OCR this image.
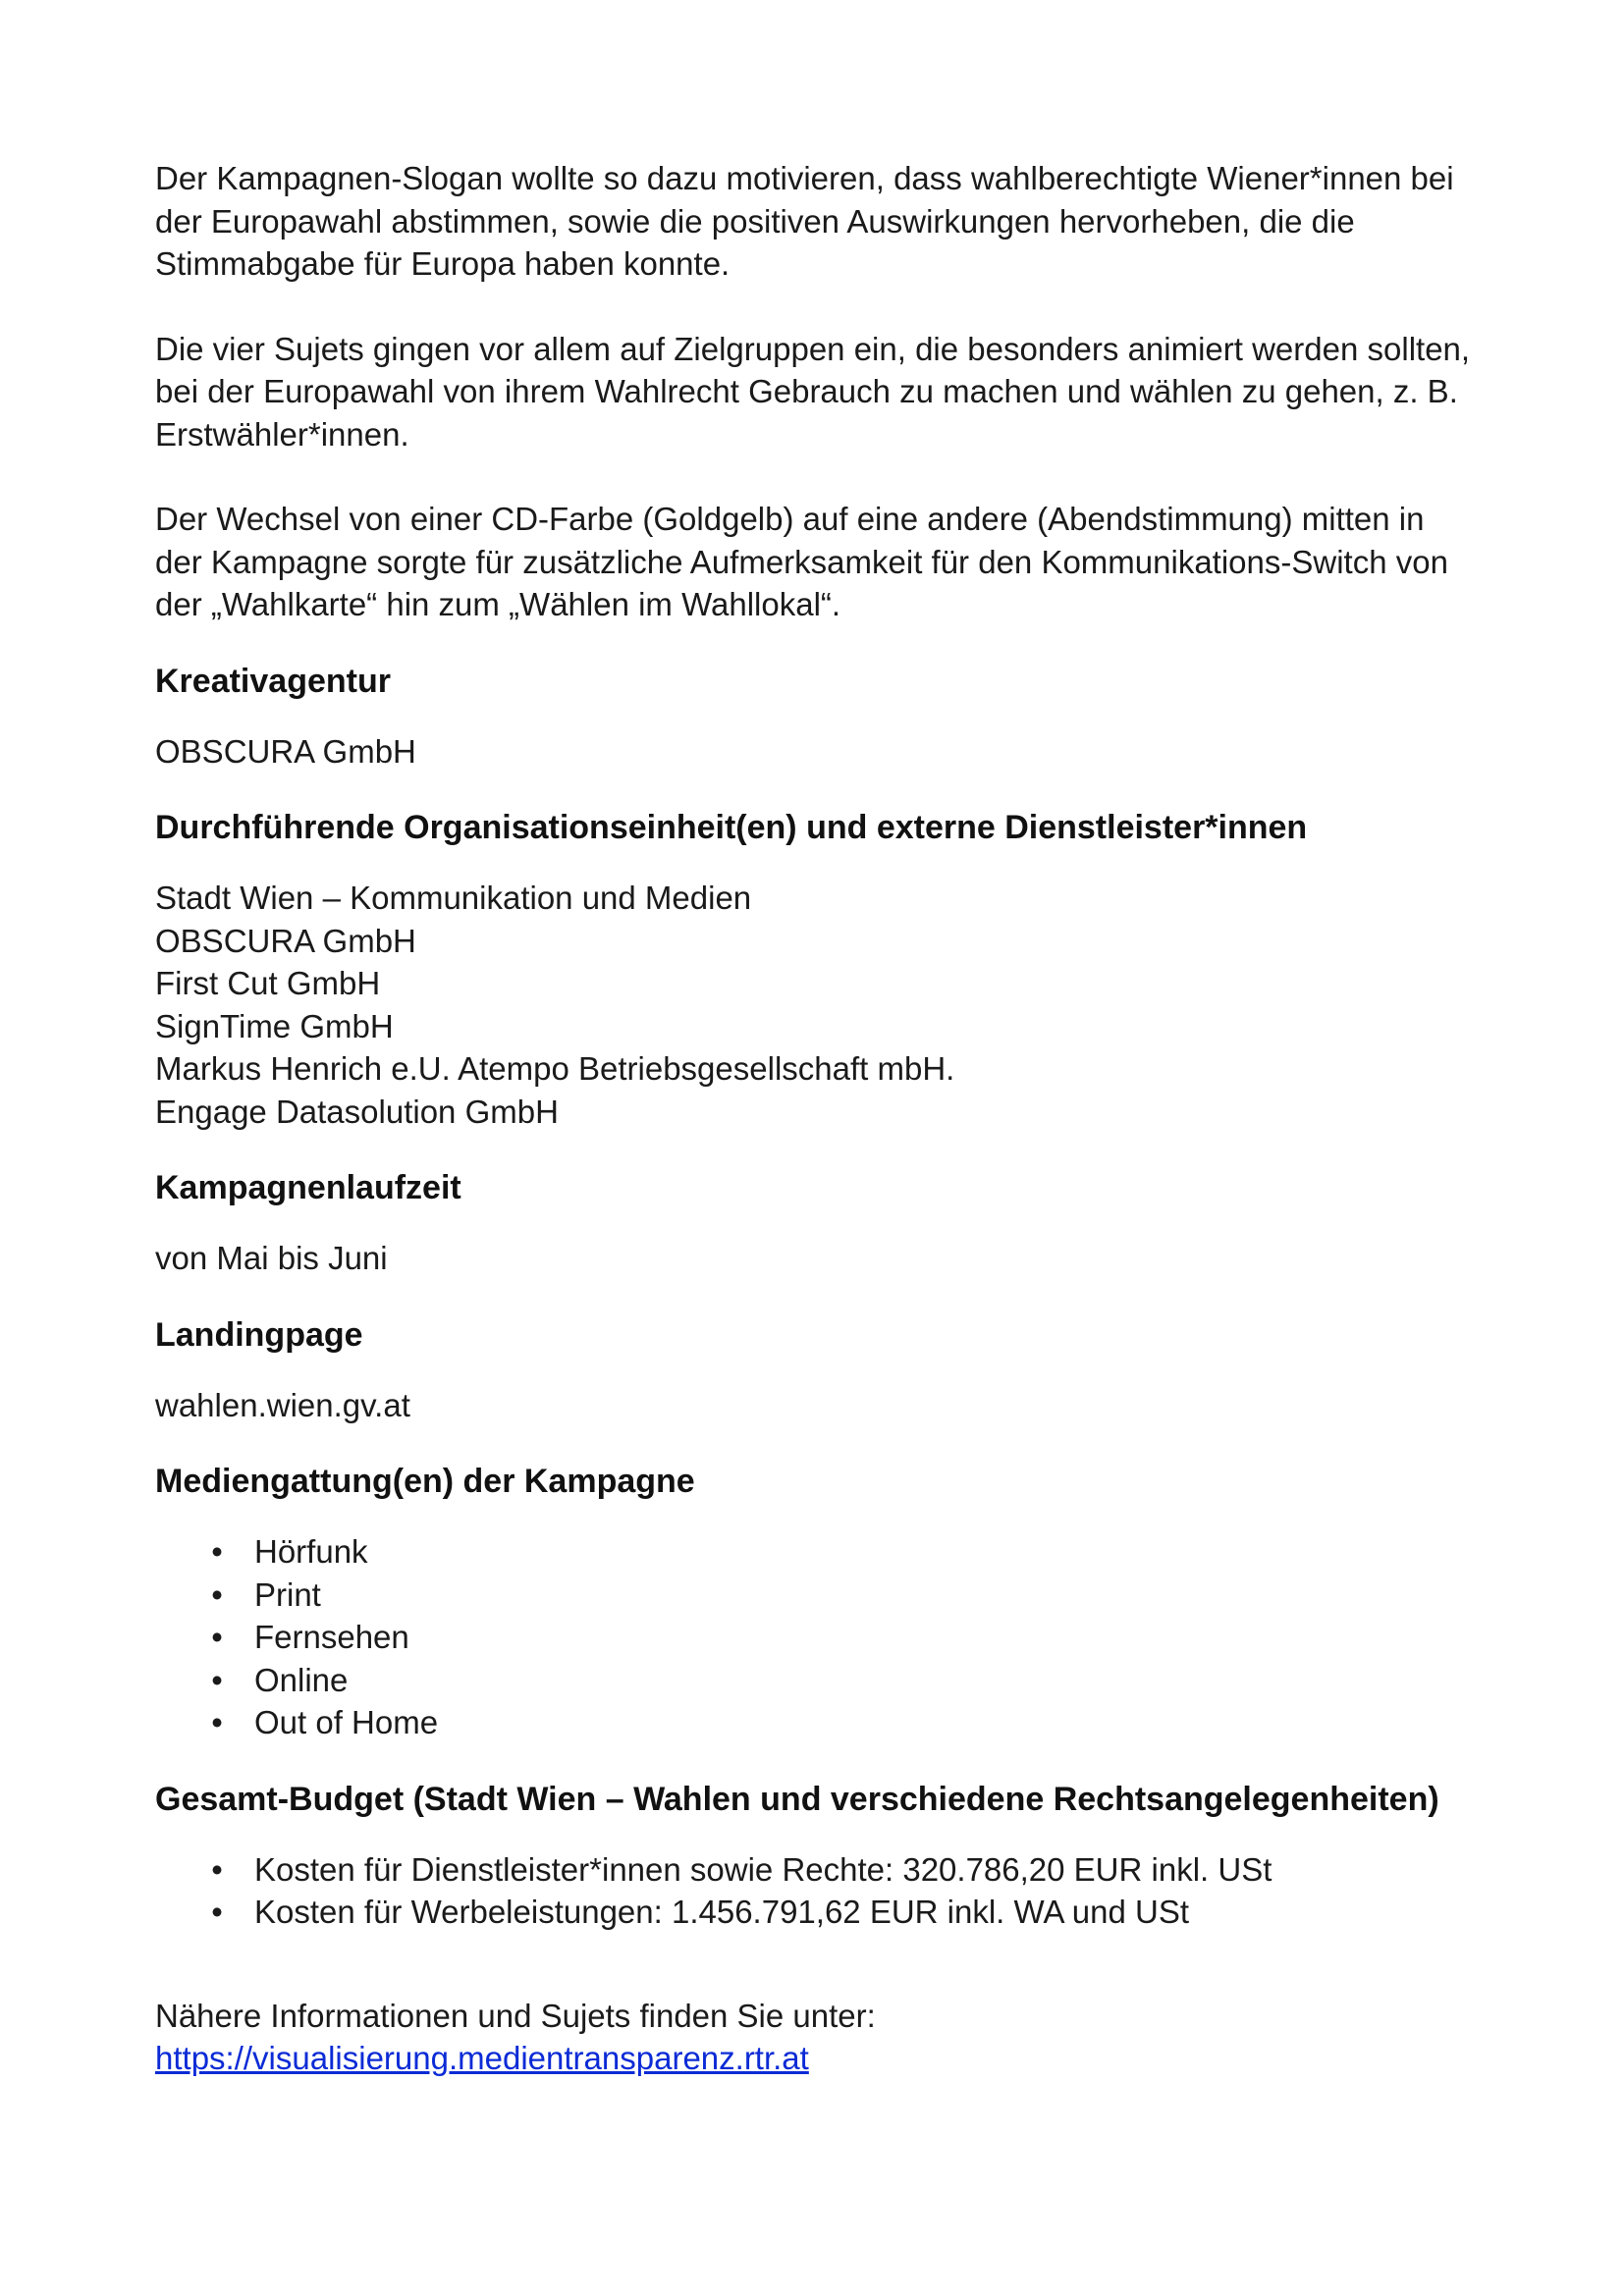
Der Kampagnen-Slogan wollte so dazu motivieren, dass wahlberechtigte Wiener*innen bei der Europawahl abstimmen, sowie die positiven Auswirkungen hervorheben, die die Stimmabgabe für Europa haben konnte.

Die vier Sujets gingen vor allem auf Zielgruppen ein, die besonders animiert werden sollten, bei der Europawahl von ihrem Wahlrecht Gebrauch zu machen und wählen zu gehen, z. B. Erstwähler*innen.

Der Wechsel von einer CD-Farbe (Goldgelb) auf eine andere (Abendstimmung) mitten in der Kampagne sorgte für zusätzliche Aufmerksamkeit für den Kommunikations-Switch von der „Wahlkarte“ hin zum „Wählen im Wahllokal“.

Kreativagentur
OBSCURA GmbH
Durchführende Organisationseinheit(en) und externe Dienstleister*innen
Stadt Wien – Kommunikation und Medien
OBSCURA GmbH
First Cut GmbH
SignTime GmbH
Markus Henrich e.U. Atempo Betriebsgesellschaft mbH.
Engage Datasolution GmbH
Kampagnenlaufzeit
von Mai bis Juni
Landingpage
wahlen.wien.gv.at
Mediengattung(en) der Kampagne
• Hörfunk
• Print
• Fernsehen
• Online
• Out of Home
Gesamt-Budget (Stadt Wien – Wahlen und verschiedene Rechtsangelegenheiten)
• Kosten für Dienstleister*innen sowie Rechte: 320.786,20 EUR inkl. USt
• Kosten für Werbeleistungen: 1.456.791,62 EUR inkl. WA und USt

Nähere Informationen und Sujets finden Sie unter:

https://visualisierung.medientransparenz.rtr.at
